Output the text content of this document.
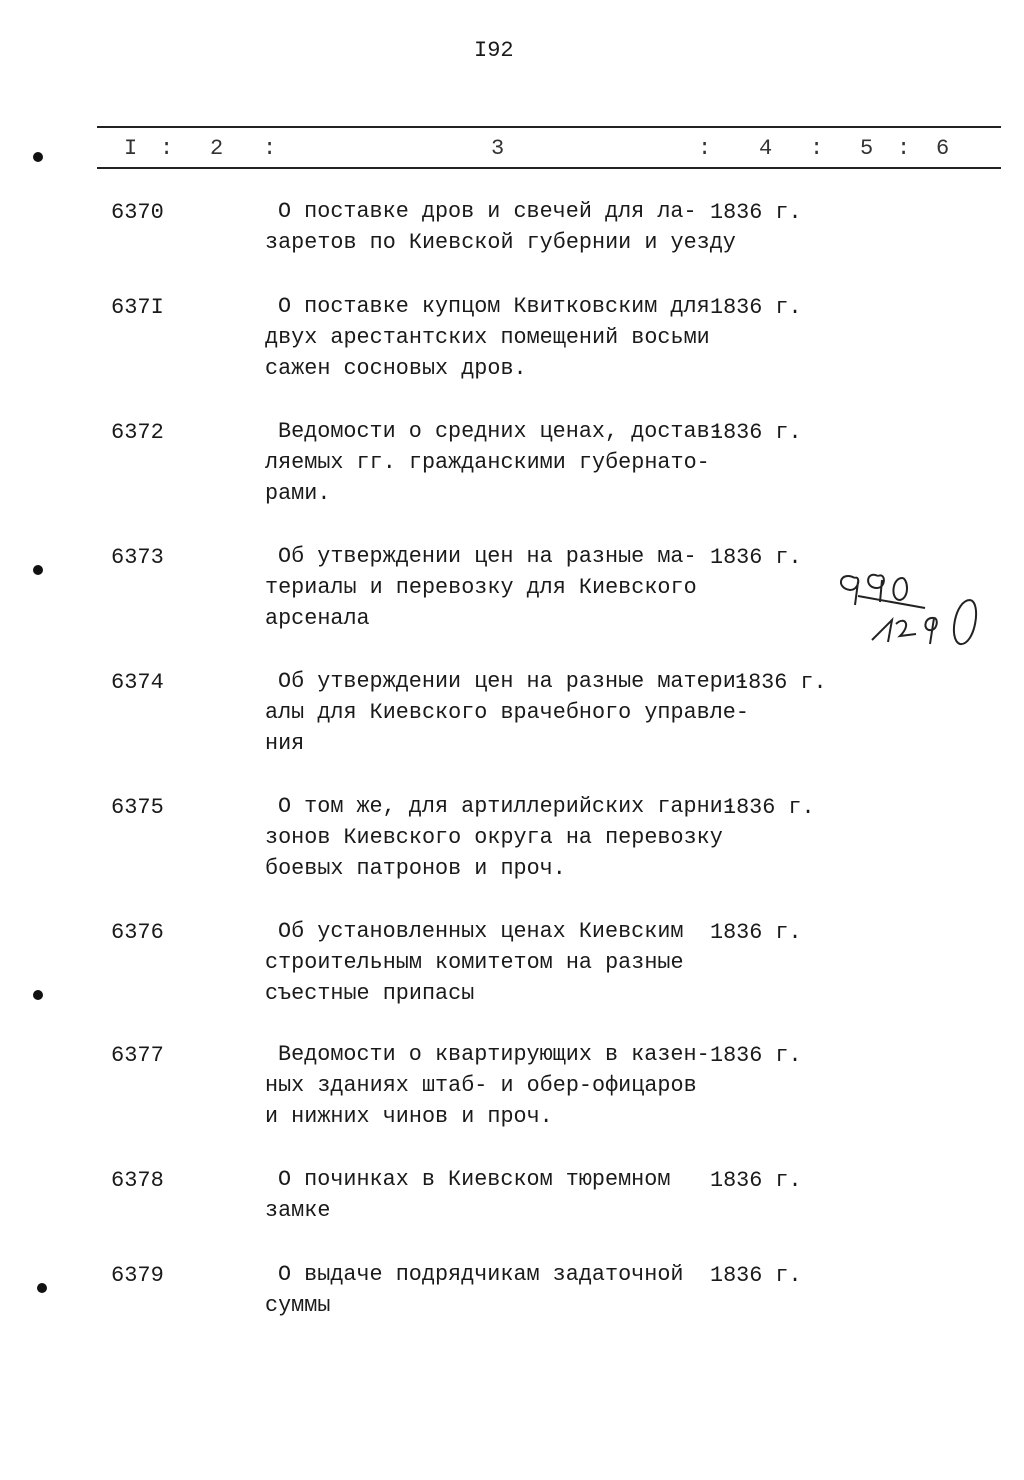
I92
I : 2 :	3	: 4 : 5 : 6
6370	О поставке дров и свечей для ла-
заретов по Киевской губернии и уезду
1836 г.
637I	О поставке купцом Квитковским для
двух арестантских помещений восьми
сажен сосновых дров.
1836 г.
6372	Ведомости о средних ценах, достав-
ляемых гг. гражданскими губернато-
рами.
1836 г.
6373	Об утверждении цен на разные ма-
териалы и перевозку для Киевского
арсенала
1836 г.
6374	Об утверждении цен на разные матери-
алы для Киевского врачебного управле-
ния
1836 г.
6375	О том же, для артиллерийских гарни-
зонов Киевского округа на перевозку
боевых патронов и проч.
1836 г.
6376	Об установленных ценах Киевским
строительным комитетом на разные
съестные припасы
1836 г.
6377	Ведомости о квартирующих в казен-
ных зданиях штаб- и обер-офицаров
и нижних чинов и проч.
1836 г.
6378	О починках в Киевском тюремном
замке
1836 г.
6379	О выдаче подрядчикам задаточной
суммы
1836 г.
